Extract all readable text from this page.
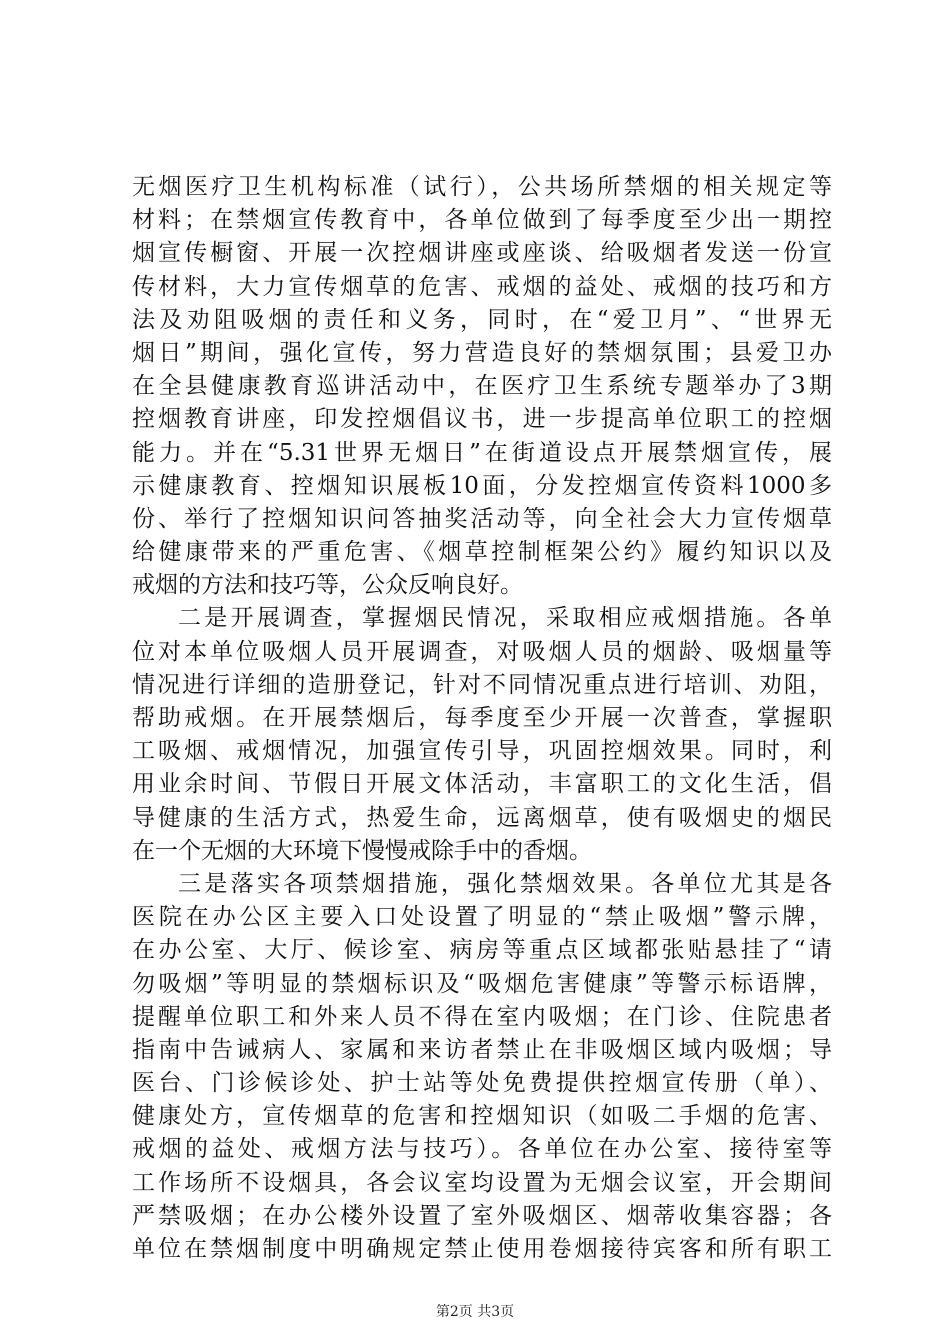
无烟医疗卫生机构标准（试行），公共场所禁烟的相关规定等
材料；在禁烟宣传教育中，各单位做到了每季度至少出一期控
烟宣传橱窗、开展一次控烟讲座或座谈、给吸烟者发送一份宣
传材料，大力宣传烟草的危害、戒烟的益处、戒烟的技巧和方
法及劝阻吸烟的责任和义务，同时，在“爱卫月”、“世界无
烟日”期间，强化宣传，努力营造良好的禁烟氛围；县爱卫办
在全县健康教育巡讲活动中，在医疗卫生系统专题举办了3期
控烟教育讲座，印发控烟倡议书，进一步提高单位职工的控烟
能力。并在“5.31世界无烟日”在街道设点开展禁烟宣传，展
示健康教育、控烟知识展板10面，分发控烟宣传资料1000多
份、举行了控烟知识问答抽奖活动等，向全社会大力宣传烟草
给健康带来的严重危害、《烟草控制框架公约》履约知识以及
戒烟的方法和技巧等，公众反响良好。
二是开展调查，掌握烟民情况，采取相应戒烟措施。各单
位对本单位吸烟人员开展调查，对吸烟人员的烟龄、吸烟量等
情况进行详细的造册登记，针对不同情况重点进行培训、劝阻，
帮助戒烟。在开展禁烟后，每季度至少开展一次普查，掌握职
工吸烟、戒烟情况，加强宣传引导，巩固控烟效果。同时，利
用业余时间、节假日开展文体活动，丰富职工的文化生活，倡
导健康的生活方式，热爱生命，远离烟草，使有吸烟史的烟民
在一个无烟的大环境下慢慢戒除手中的香烟。
三是落实各项禁烟措施，强化禁烟效果。各单位尤其是各
医院在办公区主要入口处设置了明显的“禁止吸烟”警示牌，
在办公室、大厅、候诊室、病房等重点区域都张贴悬挂了“请
勿吸烟”等明显的禁烟标识及“吸烟危害健康”等警示标语牌，
提醒单位职工和外来人员不得在室内吸烟；在门诊、住院患者
指南中告诫病人、家属和来访者禁止在非吸烟区域内吸烟；导
医台、门诊候诊处、护士站等处免费提供控烟宣传册（单）、
健康处方，宣传烟草的危害和控烟知识（如吸二手烟的危害、
戒烟的益处、戒烟方法与技巧）。各单位在办公室、接待室等
工作场所不设烟具，各会议室均设置为无烟会议室，开会期间
严禁吸烟；在办公楼外设置了室外吸烟区、烟蒂收集容器；各
单位在禁烟制度中明确规定禁止使用卷烟接待宾客和所有职工
第2页 共3页
